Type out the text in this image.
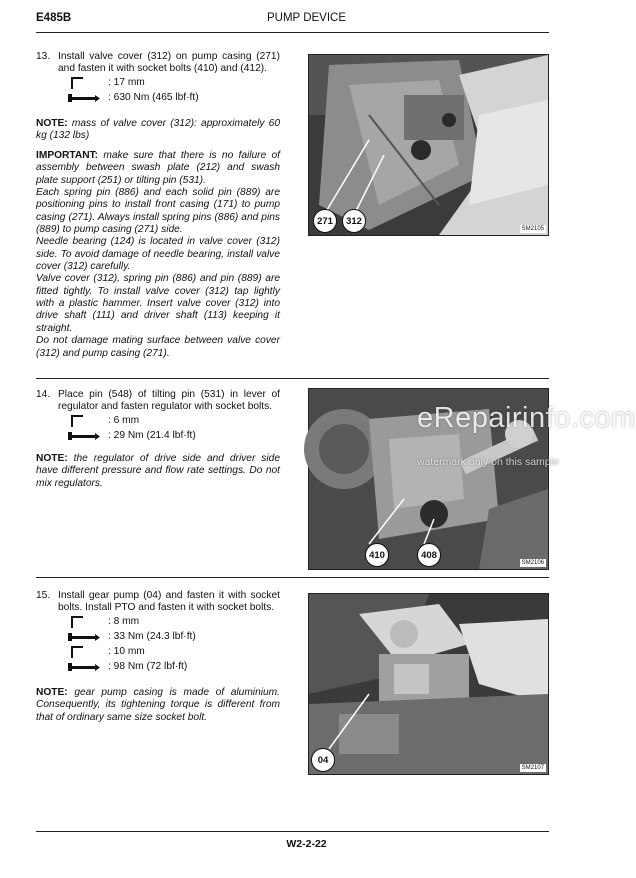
E485B	PUMP DEVICE
13. Install valve cover (312) on pump casing (271) and fasten it with socket bolts (410) and (412).
: 17 mm
: 630 Nm (465 lbf·ft)

NOTE: mass of valve cover (312): approximately 60 kg (132 lbs)

IMPORTANT: make sure that there is no failure of assembly between swash plate (212) and swash plate support (251) or tilting pin (531).

Each spring pin (886) and each solid pin (889) are positioning pins to install front casing (171) to pump casing (271). Always install spring pins (886) and pins (889) to pump casing (271) side.

Needle bearing (124) is located in valve cover (312) side. To avoid damage of needle bearing, install valve cover (312) carefully.

Valve cover (312), spring pin (886) and pin (889) are fitted tightly. To install valve cover (312) tap lightly with a plastic hammer. Insert valve cover (312) into drive shaft (111) and driver shaft (113) keeping it straight.

Do not damage mating surface between valve cover (312) and pump casing (271).

14. Place pin (548) of tilting pin (531) in lever of regulator and fasten regulator with socket bolts.
: 6 mm
: 29 Nm (21.4 lbf·ft)

NOTE: the regulator of drive side and driver side have different pressure and flow rate settings. Do not mix regulators.

15. Install gear pump (04) and fasten it with socket bolts. Install PTO and fasten it with socket bolts.
: 8 mm
: 33 Nm (24.3 lbf·ft)
: 10 mm
: 98 Nm (72 lbf·ft)

NOTE: gear pump casing is made of aluminium. Consequently, its tightening torque is different from that of ordinary same size socket bolt.

271	312
SM2105
410	408
SM2106
04
SM2107
eRepairinfo.com
watermark only on this sample
W2-2-22
